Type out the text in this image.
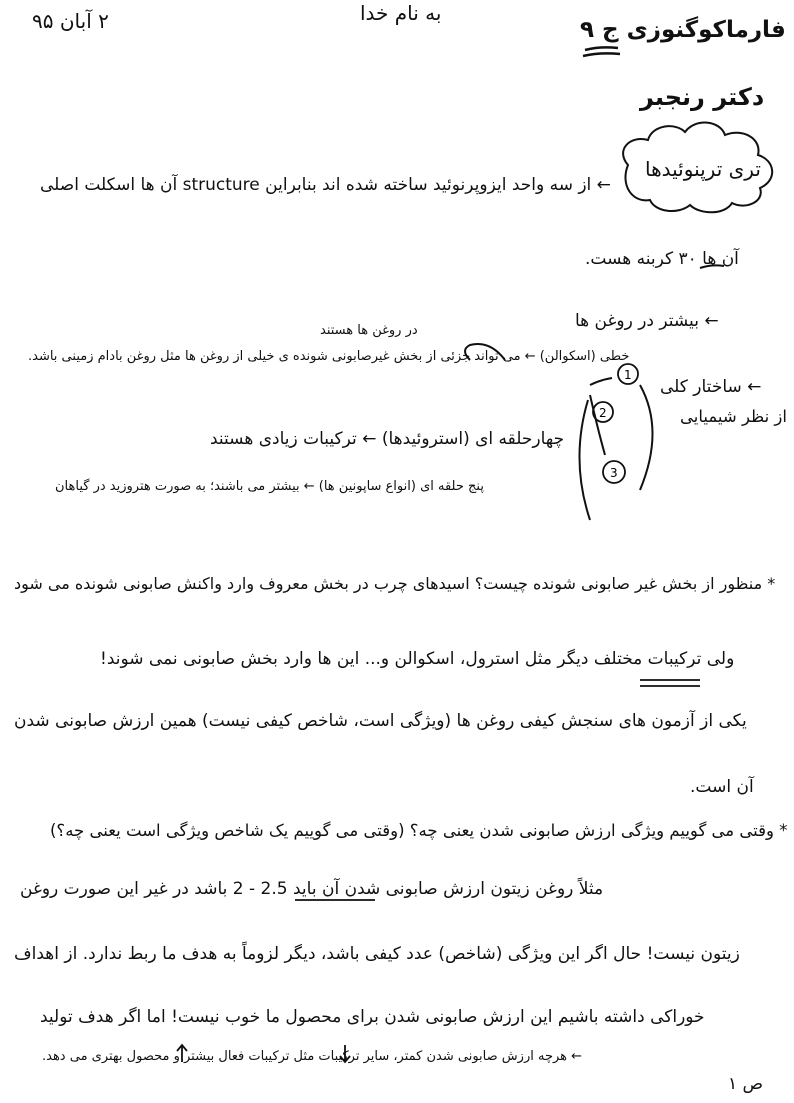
1
2
3
۲ آبان ۹۵	به نام خدا
فارماکوگنوزی ج ۹
دکتر رنجبر
تری ترپنوئیدها
← از سه واحد ایزوپرنوئید ساخته شده اند بنابراین structure آن ها اسکلت اصلی
آن ها ۳۰ کربنه هست.
← بیشتر در روغن ها
در روغن ها هستند
← ساختار کلی
از نظر شیمیایی
خطی (اسکوالن) ← می تواند جزئی از بخش غیرصابونی شونده ی خیلی از روغن ها مثل روغن بادام زمینی باشد.
چهارحلقه ای (استروئیدها) ← ترکیبات زیادی هستند
پنج حلقه ای (انواع ساپونین ها) ← بیشتر می باشند؛ به صورت هتروزید در گیاهان
* منظور از بخش غیر صابونی شونده چیست؟ اسیدهای چرب در بخش معروف وارد واکنش صابونی شونده می شود
ولی ترکیبات مختلف دیگر مثل استرول، اسکوالن و... این ها وارد بخش صابونی نمی شوند!
یکی از آزمون های سنجش کیفی روغن ها (ویژگی است، شاخص کیفی نیست) همین ارزش صابونی شدن
آن است.
* وقتی می گوییم ویژگی ارزش صابونی شدن یعنی چه؟ (وقتی می گوییم یک شاخص ویژگی است یعنی چه؟)
مثلاً روغن زیتون ارزش صابونی شدن آن باید 2.5 - 2 باشد در غیر این صورت روغن
زیتون نیست! حال اگر این ویژگی (شاخص) عدد کیفی باشد، دیگر لزوماً به هدف ما ربط ندارد. از اهداف
خوراکی داشته باشیم این ارزش صابونی شدن برای محصول ما خوب نیست! اما اگر هدف تولید
← هرچه ارزش صابونی شدن کمتر، سایر ترکیبات مثل ترکیبات فعال بیشتر و محصول بهتری می دهد.
ص ۱
